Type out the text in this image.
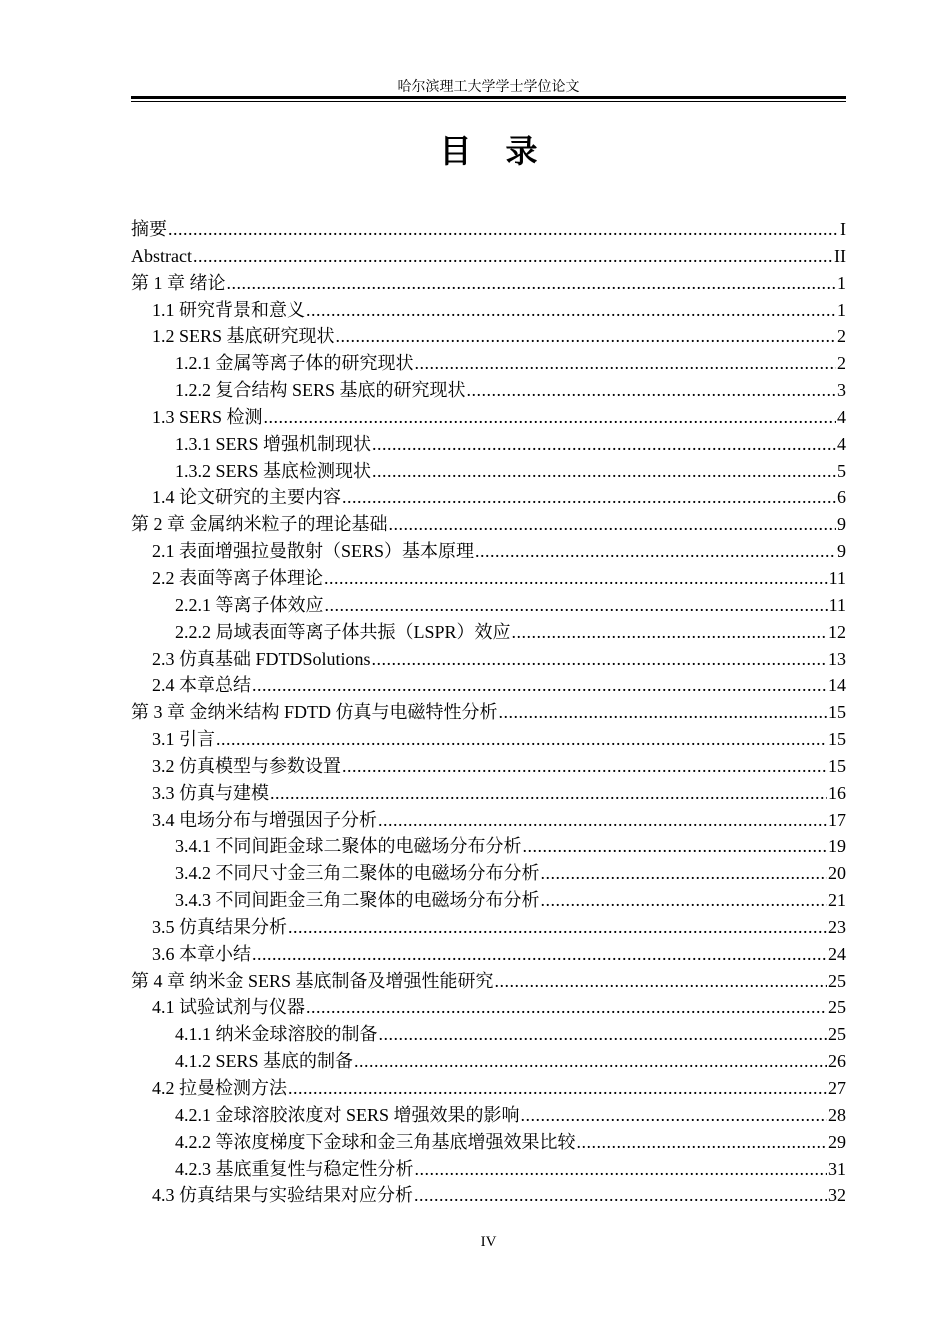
哈尔滨理工大学学士学位论文
目录
摘要 .....	I
Abstract .....	II
第 1 章 绪论 .....	1
1.1 研究背景和意义 .....	1
1.2 SERS 基底研究现状 .....	2
1.2.1 金属等离子体的研究现状 .....	2
1.2.2 复合结构 SERS 基底的研究现状 .....	3
1.3 SERS 检测 .....	4
1.3.1 SERS 增强机制现状 .....	4
1.3.2 SERS 基底检测现状 .....	5
1.4 论文研究的主要内容 .....	6
第 2 章 金属纳米粒子的理论基础 .....	9
2.1 表面增强拉曼散射（SERS）基本原理 .....	9
2.2 表面等离子体理论 .....	11
2.2.1 等离子体效应 .....	11
2.2.2 局域表面等离子体共振（LSPR）效应 .....	12
2.3 仿真基础 FDTDSolutions .....	13
2.4 本章总结 .....	14
第 3 章 金纳米结构 FDTD 仿真与电磁特性分析 .....	15
3.1 引言 .....	15
3.2 仿真模型与参数设置 .....	15
3.3 仿真与建模 .....	16
3.4 电场分布与增强因子分析 .....	17
3.4.1 不同间距金球二聚体的电磁场分布分析 .....	19
3.4.2 不同尺寸金三角二聚体的电磁场分布分析 .....	20
3.4.3 不同间距金三角二聚体的电磁场分布分析 .....	21
3.5 仿真结果分析 .....	23
3.6 本章小结 .....	24
第 4 章 纳米金 SERS 基底制备及增强性能研究 .....	25
4.1 试验试剂与仪器 .....	25
4.1.1 纳米金球溶胶的制备 .....	25
4.1.2 SERS 基底的制备 .....	26
4.2 拉曼检测方法 .....	27
4.2.1 金球溶胶浓度对 SERS 增强效果的影响 .....	28
4.2.2 等浓度梯度下金球和金三角基底增强效果比较 .....	29
4.2.3 基底重复性与稳定性分析 .....	31
4.3 仿真结果与实验结果对应分析 .....	32
IV
